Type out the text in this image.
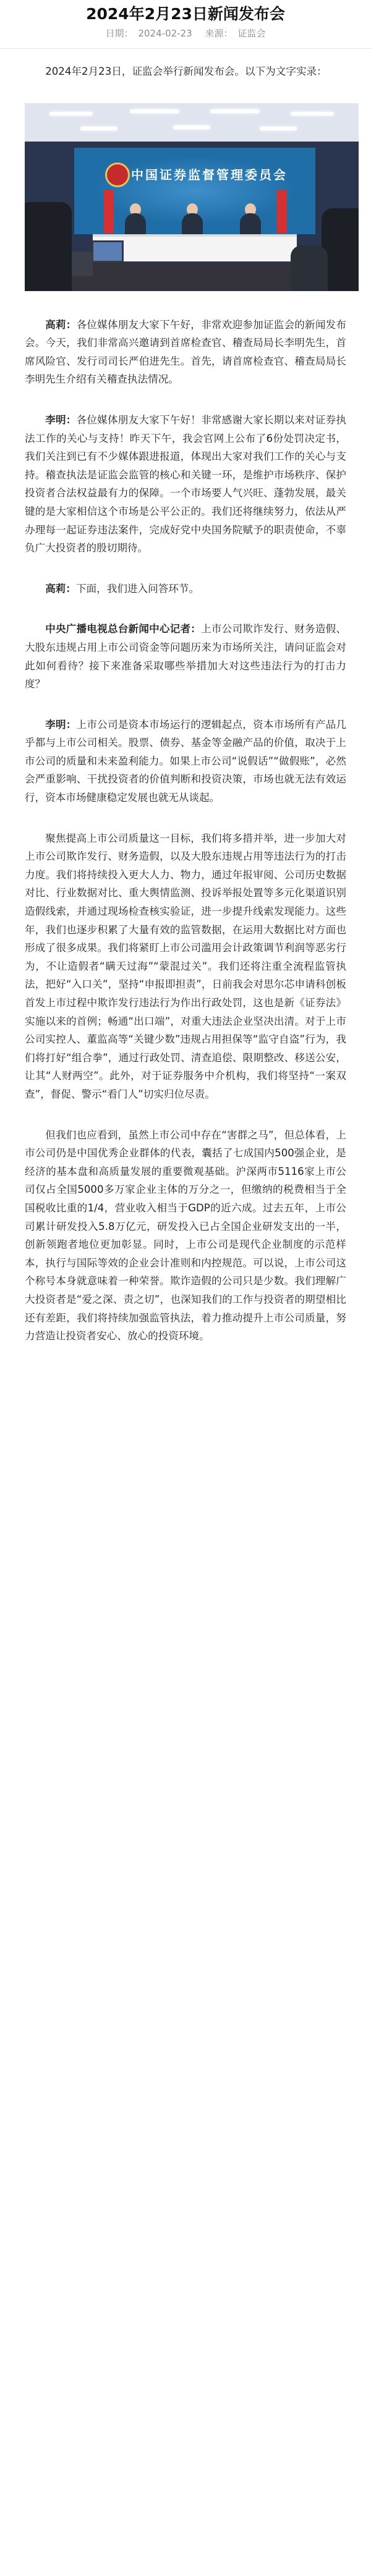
2024年2月23日新闻发布会
日期： 2024-02-23 来源： 证监会

2024年2月23日，证监会举行新闻发布会。以下为文字实录：

中国证券监督管理委员会

高莉：各位媒体朋友大家下午好，非常欢迎参加证监会的新闻发布会。今天，我们非常高兴邀请到首席检查官、稽查局局长李明先生，首席风险官、发行司司长严伯进先生。首先，请首席检查官、稽查局局长李明先生介绍有关稽查执法情况。

李明：各位媒体朋友大家下午好！非常感谢大家长期以来对证券执法工作的关心与支持！昨天下午，我会官网上公布了6份处罚决定书，我们关注到已有不少媒体跟进报道，体现出大家对我们工作的关心与支持。稽查执法是证监会监管的核心和关键一环，是维护市场秩序、保护投资者合法权益最有力的保障。一个市场要人气兴旺、蓬勃发展，最关键的是大家相信这个市场是公平公正的。我们还将继续努力，依法从严办理每一起证券违法案件，完成好党中央国务院赋予的职责使命，不辜负广大投资者的殷切期待。

高莉：下面，我们进入问答环节。

中央广播电视总台新闻中心记者：上市公司欺诈发行、财务造假、大股东违规占用上市公司资金等问题历来为市场所关注，请问证监会对此如何看待？接下来准备采取哪些举措加大对这些违法行为的打击力度？

李明：上市公司是资本市场运行的逻辑起点，资本市场所有产品几乎都与上市公司相关。股票、债券、基金等金融产品的价值，取决于上市公司的质量和未来盈利能力。如果上市公司“说假话”“做假账”，必然会严重影响、干扰投资者的价值判断和投资决策，市场也就无法有效运行，资本市场健康稳定发展也就无从谈起。

聚焦提高上市公司质量这一目标，我们将多措并举，进一步加大对上市公司欺诈发行、财务造假，以及大股东违规占用等违法行为的打击力度。我们将持续投入更大人力、物力，通过年报审阅、公司历史数据对比、行业数据对比、重大舆情监测、投诉举报处置等多元化渠道识别造假线索，并通过现场检查核实验证，进一步提升线索发现能力。这些年，我们也逐步积累了大量有效的监管数据，在运用大数据比对方面也形成了很多成果。我们将紧盯上市公司滥用会计政策调节利润等恶劣行为，不让造假者“瞒天过海”“蒙混过关”。我们还将注重全流程监管执法，把好“入口关”，坚持“申报即担责”，日前我会对思尔芯申请科创板首发上市过程中欺诈发行违法行为作出行政处罚，这也是新《证券法》实施以来的首例；畅通“出口端”，对重大违法企业坚决出清。对于上市公司实控人、董监高等“关键少数”违规占用担保等“监守自盗”行为，我们将打好“组合拳”，通过行政处罚、清查追偿、限期整改、移送公安，让其“人财两空”。此外，对于证券服务中介机构，我们将坚持“一案双查”，督促、警示“看门人”切实归位尽责。

但我们也应看到，虽然上市公司中存在“害群之马”，但总体看，上市公司仍是中国优秀企业群体的代表，囊括了七成国内500强企业，是经济的基本盘和高质量发展的重要微观基础。沪深两市5116家上市公司仅占全国5000多万家企业主体的万分之一，但缴纳的税费相当于全国税收比重的1/4，营业收入相当于GDP的近六成。过去五年，上市公司累计研发投入5.8万亿元，研发投入已占全国企业研发支出的一半，创新领跑者地位更加彰显。同时，上市公司是现代企业制度的示范样本，执行与国际等效的企业会计准则和内控规范。可以说，上市公司这个称号本身就意味着一种荣誉。欺诈造假的公司只是少数。我们理解广大投资者是“爱之深、责之切”，也深知我们的工作与投资者的期望相比还有差距，我们将持续加强监管执法，着力推动提升上市公司质量，努力营造让投资者安心、放心的投资环境。
